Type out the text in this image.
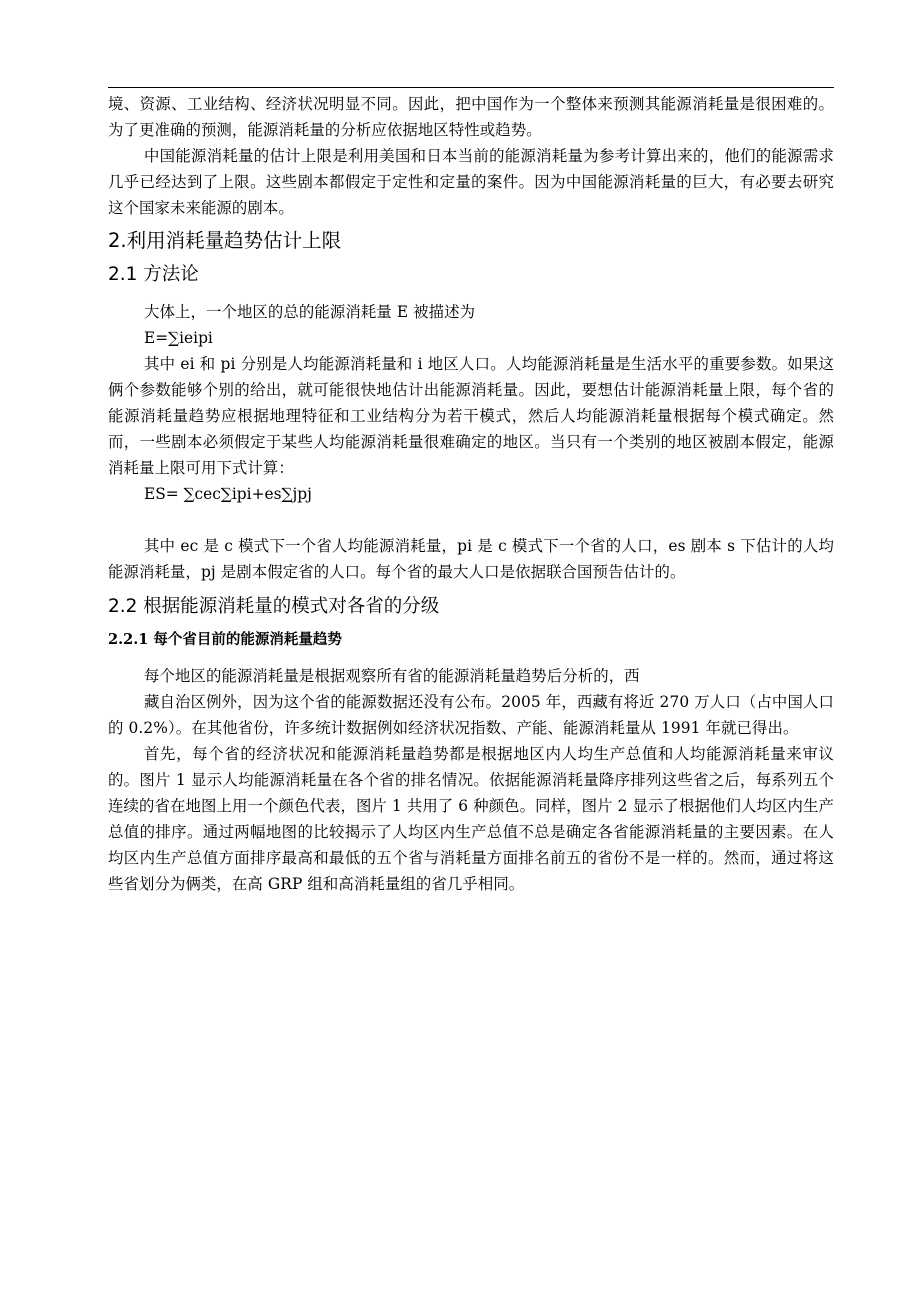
境、资源、工业结构、经济状况明显不同。因此，把中国作为一个整体来预测其能源消耗量是很困难的。为了更准确的预测，能源消耗量的分析应依据地区特性或趋势。

中国能源消耗量的估计上限是利用美国和日本当前的能源消耗量为参考计算出来的，他们的能源需求几乎已经达到了上限。这些剧本都假定于定性和定量的案件。因为中国能源消耗量的巨大，有必要去研究这个国家未来能源的剧本。

2.利用消耗量趋势估计上限
2.1 方法论

大体上，一个地区的总的能源消耗量 E 被描述为

E=∑ieipi

其中 ei 和 pi 分别是人均能源消耗量和 i 地区人口。人均能源消耗量是生活水平的重要参数。如果这俩个参数能够个别的给出，就可能很快地估计出能源消耗量。因此，要想估计能源消耗量上限，每个省的能源消耗量趋势应根据地理特征和工业结构分为若干模式，然后人均能源消耗量根据每个模式确定。然而，一些剧本必须假定于某些人均能源消耗量很难确定的地区。当只有一个类别的地区被剧本假定，能源消耗量上限可用下式计算：

ES= ∑cec∑ipi+es∑jpj

其中 ec 是 c 模式下一个省人均能源消耗量，pi 是 c 模式下一个省的人口，es 剧本 s 下估计的人均能源消耗量，pj 是剧本假定省的人口。每个省的最大人口是依据联合国预告估计的。

2.2 根据能源消耗量的模式对各省的分级
2.2.1 每个省目前的能源消耗量趋势

每个地区的能源消耗量是根据观察所有省的能源消耗量趋势后分析的，西

藏自治区例外，因为这个省的能源数据还没有公布。2005 年，西藏有将近 270 万人口（占中国人口的 0.2%）。在其他省份，许多统计数据例如经济状况指数、产能、能源消耗量从 1991 年就已得出。

首先，每个省的经济状况和能源消耗量趋势都是根据地区内人均生产总值和人均能源消耗量来审议的。图片 1 显示人均能源消耗量在各个省的排名情况。依据能源消耗量降序排列这些省之后，每系列五个连续的省在地图上用一个颜色代表，图片 1 共用了 6 种颜色。同样，图片 2 显示了根据他们人均区内生产总值的排序。通过两幅地图的比较揭示了人均区内生产总值不总是确定各省能源消耗量的主要因素。在人均区内生产总值方面排序最高和最低的五个省与消耗量方面排名前五的省份不是一样的。然而，通过将这些省划分为俩类，在高 GRP 组和高消耗量组的省几乎相同。
